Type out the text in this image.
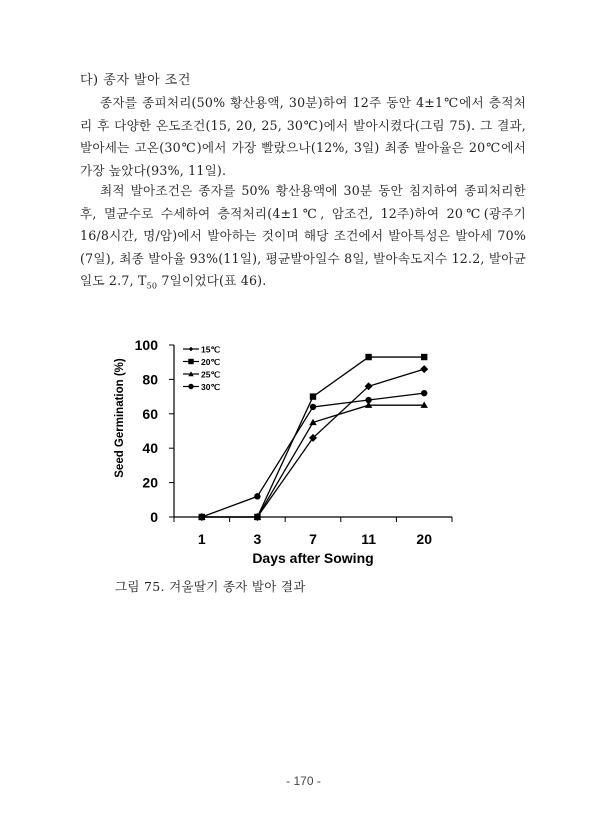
다) 종자 발아 조건

종자를 종피처리(50% 황산용액, 30분)하여 12주 동안 4±1℃에서 층적처리 후 다양한 온도조건(15, 20, 25, 30℃)에서 발아시켰다(그림 75). 그 결과, 발아세는 고온(30℃)에서 가장 빨랐으나(12%, 3일) 최종 발아율은 20℃에서 가장 높았다(93%, 11일).

최적 발아조건은 종자를 50% 황산용액에 30분 동안 침지하여 종피처리한 후, 멸균수로 수세하여 층적처리(4±1℃, 암조건, 12주)하여 20℃(광주기 16/8시간, 명/암)에서 발아하는 것이며 해당 조건에서 발아특성은 발아세 70%(7일), 최종 발아율 93%(11일), 평균발아일수 8일, 발아속도지수 12.2, 발아균일도 2.7, $T_{50}$ 7일이었다(표 46).

0
20
40
60
80
100
1	3	7	11	20
Days after Sowing
Seed Germination (%)
15℃
20℃
25℃
30℃
그림 75. 겨울딸기 종자 발아 결과
- 170 -
